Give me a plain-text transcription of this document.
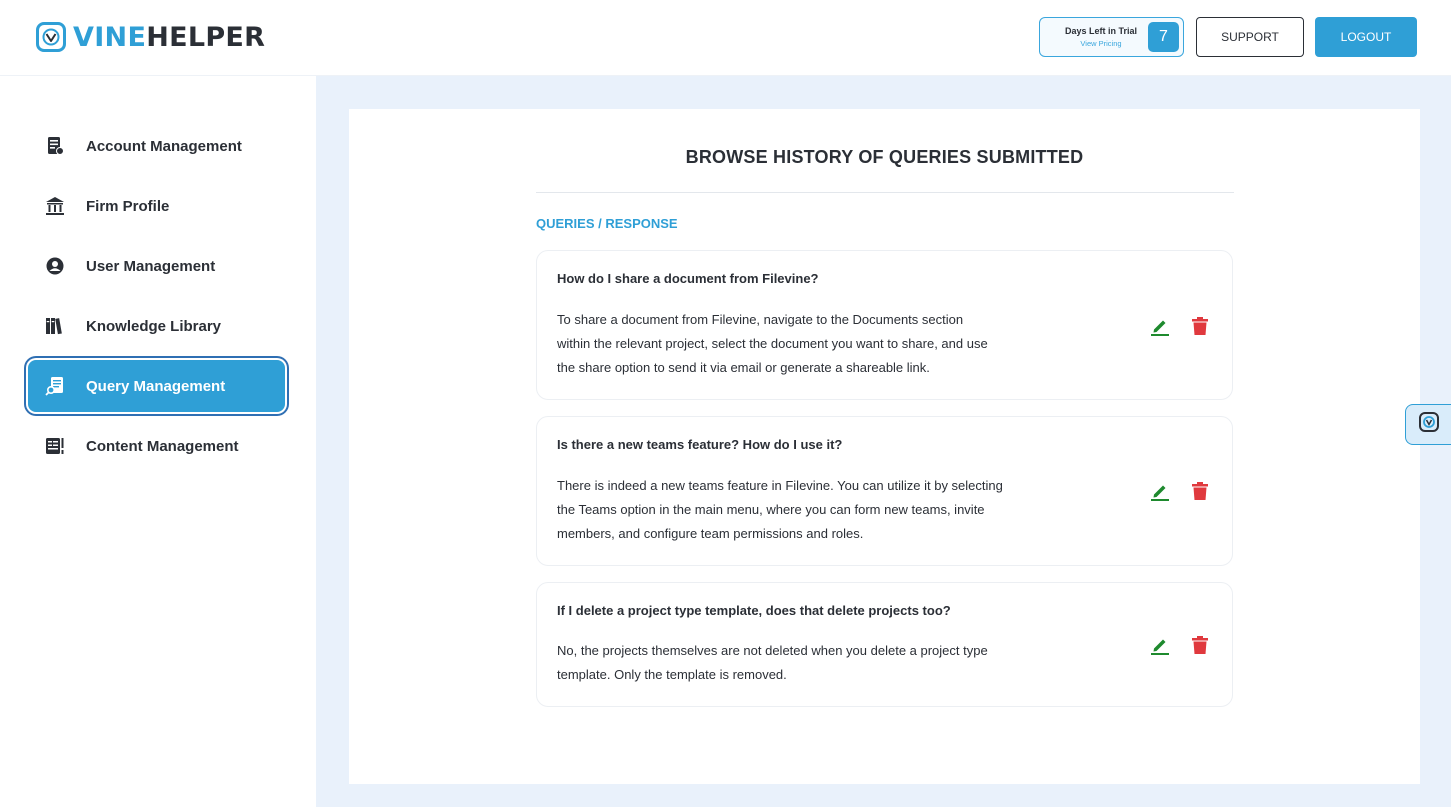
VINEHELPER	Days Left in Trial
View Pricing	7	SUPPORT	LOGOUT
Account Management
Firm Profile
User Management
Knowledge Library
Query Management
Content Management
BROWSE HISTORY OF QUERIES SUBMITTED
QUERIES / RESPONSE
How do I share a document from Filevine?
To share a document from Filevine, navigate to the Documents section
within the relevant project, select the document you want to share, and use
the share option to send it via email or generate a shareable link.
Is there a new teams feature? How do I use it?
There is indeed a new teams feature in Filevine. You can utilize it by selecting
the Teams option in the main menu, where you can form new teams, invite
members, and configure team permissions and roles.
If I delete a project type template, does that delete projects too?
No, the projects themselves are not deleted when you delete a project type
template. Only the template is removed.
